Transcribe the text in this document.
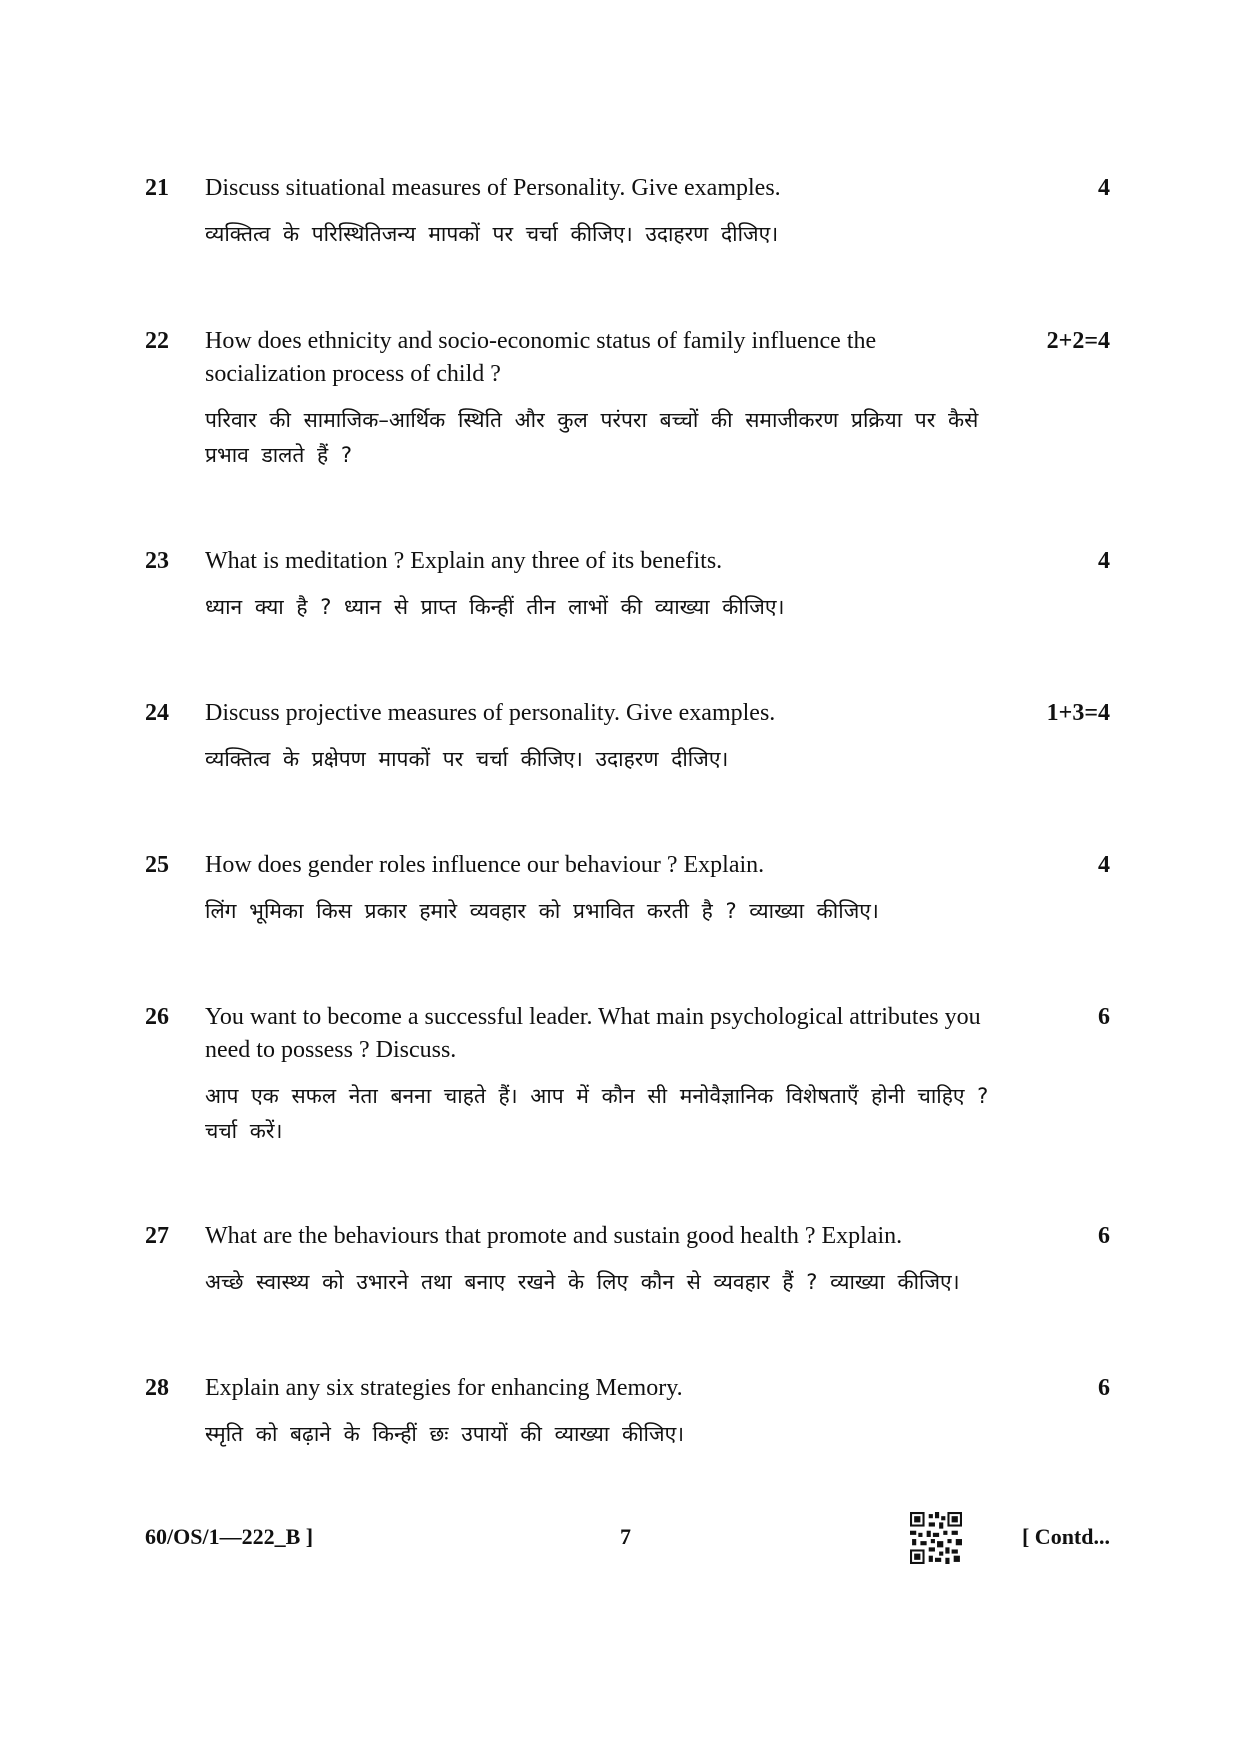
21	Discuss situational measures of Personality. Give examples.

व्यक्तित्व के परिस्थितिजन्य मापकों पर चर्चा कीजिए। उदाहरण दीजिए।

4
22	How does ethnicity and socio-economic status of family influence the socialization process of child ?

परिवार की सामाजिक–आर्थिक स्थिति और कुल परंपरा बच्चों की समाजीकरण प्रक्रिया पर कैसे प्रभाव डालते हैं ?

2+2=4
23	What is meditation ? Explain any three of its benefits.

ध्यान क्या है ? ध्यान से प्राप्त किन्हीं तीन लाभों की व्याख्या कीजिए।

4
24	Discuss projective measures of personality. Give examples.

व्यक्तित्व के प्रक्षेपण मापकों पर चर्चा कीजिए। उदाहरण दीजिए।

1+3=4
25	How does gender roles influence our behaviour ? Explain.

लिंग भूमिका किस प्रकार हमारे व्यवहार को प्रभावित करती है ? व्याख्या कीजिए।

4
26	You want to become a successful leader. What main psychological attributes you need to possess ? Discuss.

आप एक सफल नेता बनना चाहते हैं। आप में कौन सी मनोवैज्ञानिक विशेषताएँ होनी चाहिए ? चर्चा करें।

6
27	What are the behaviours that promote and sustain good health ? Explain.

अच्छे स्वास्थ्य को उभारने तथा बनाए रखने के लिए कौन से व्यवहार हैं ? व्याख्या कीजिए।

6
28	Explain any six strategies for enhancing Memory.

स्मृति को बढ़ाने के किन्हीं छः उपायों की व्याख्या कीजिए।

6
60/OS/1—222_B ]	7	[ Contd...
